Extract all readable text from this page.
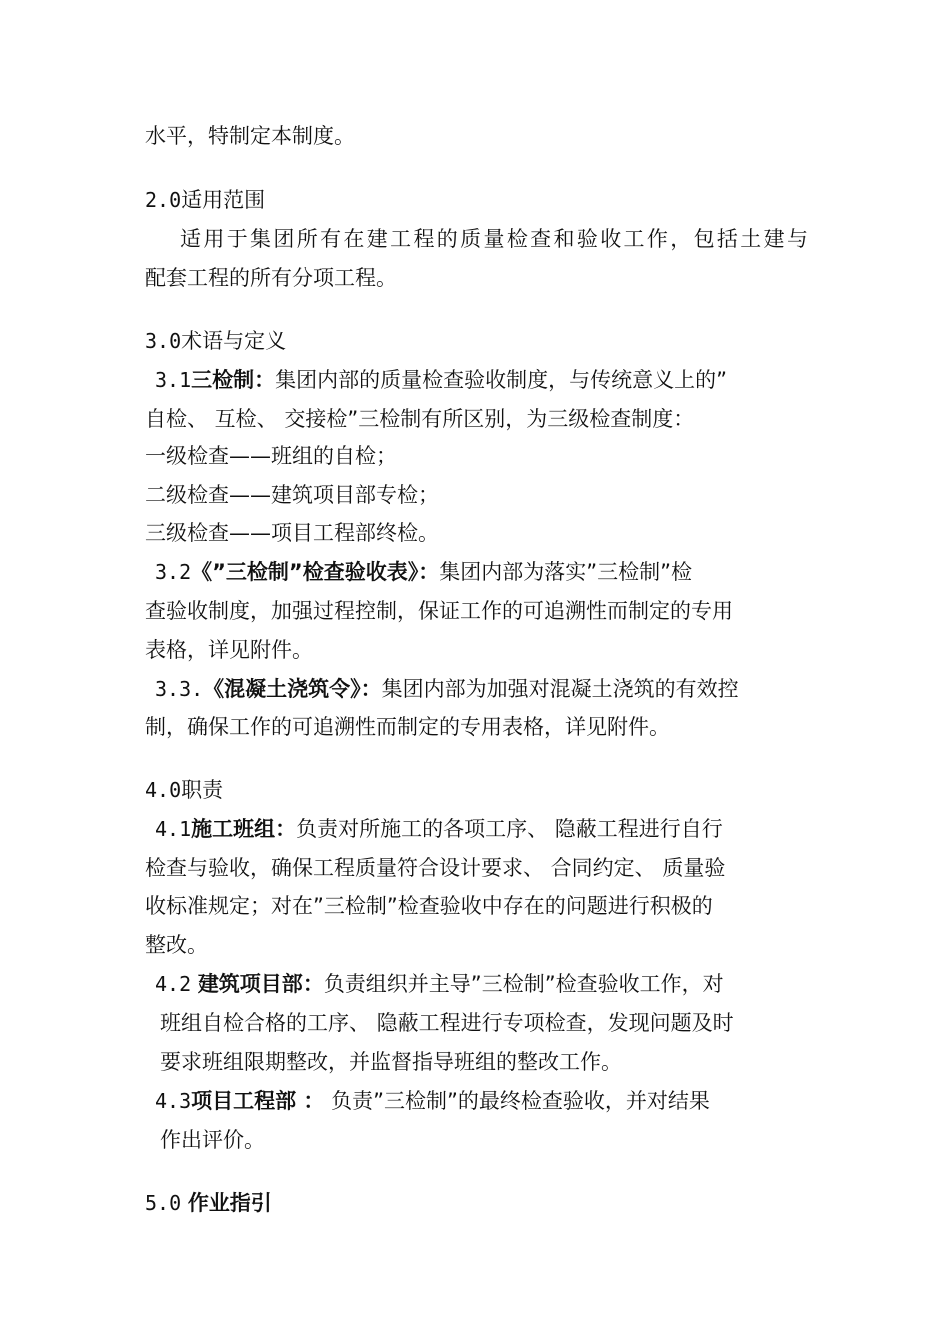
水平，特制定本制度。
2.0适用范围
适 用 于 集 团 所 有 在 建 工 程 的 质 量 检 查 和 验 收 工 作 ， 包 括 土 建 与
配套工程的所有分项工程。
3.0术语与定义
3.1三检制：集团内部的质量检查验收制度，与传统意义上的”
自检、 互检、 交接检”三检制有所区别，为三级检查制度：
一级检查——班组的自检；
二级检查——建筑项目部专检；
三级检查——项目工程部终检。
3.2《”三检制”检查验收表》：集团内部为落实”三检制”检
查验收制度，加强过程控制，保证工作的可追溯性而制定的专用
表格，详见附件。
3.3.《混凝土浇筑令》：集团内部为加强对混凝土浇筑的有效控
制，确保工作的可追溯性而制定的专用表格，详见附件。
4.0职责
4.1施工班组：负责对所施工的各项工序、 隐蔽工程进行自行
检查与验收，确保工程质量符合设计要求、 合同约定、 质量验
收标准规定；对在”三检制”检查验收中存在的问题进行积极的
整改。
4.2 建筑项目部：负责组织并主导”三检制”检查验收工作，对
班组自检合格的工序、 隐蔽工程进行专项检查，发现问题及时
要求班组限期整改，并监督指导班组的整改工作。
4.3项目工程部 ： 负责”三检制”的最终检查验收，并对结果
作出评价。
5.0 作业指引
